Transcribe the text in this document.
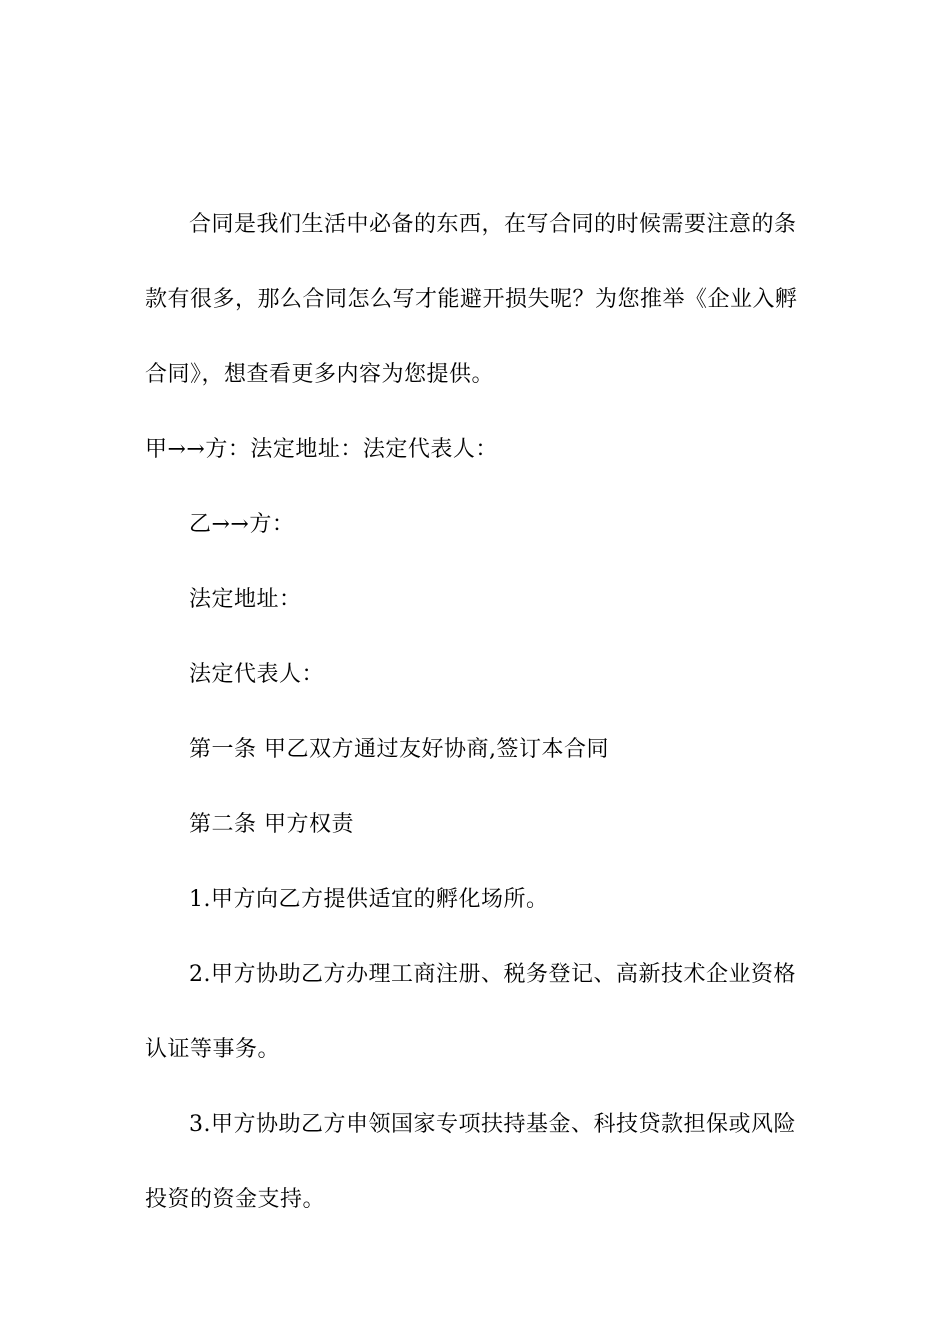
合同是我们生活中必备的东西，在写合同的时候需要注意的条
款有很多，那么合同怎么写才能避开损失呢？为您推举《企业入孵
合同》，想查看更多内容为您提供。
甲→→方：法定地址：法定代表人：
乙→→方：
法定地址：
法定代表人：
第一条 甲乙双方通过友好协商,签订本合同
第二条 甲方权责
1.甲方向乙方提供适宜的孵化场所。
2.甲方协助乙方办理工商注册、税务登记、高新技术企业资格
认证等事务。
3.甲方协助乙方申领国家专项扶持基金、科技贷款担保或风险
投资的资金支持。
